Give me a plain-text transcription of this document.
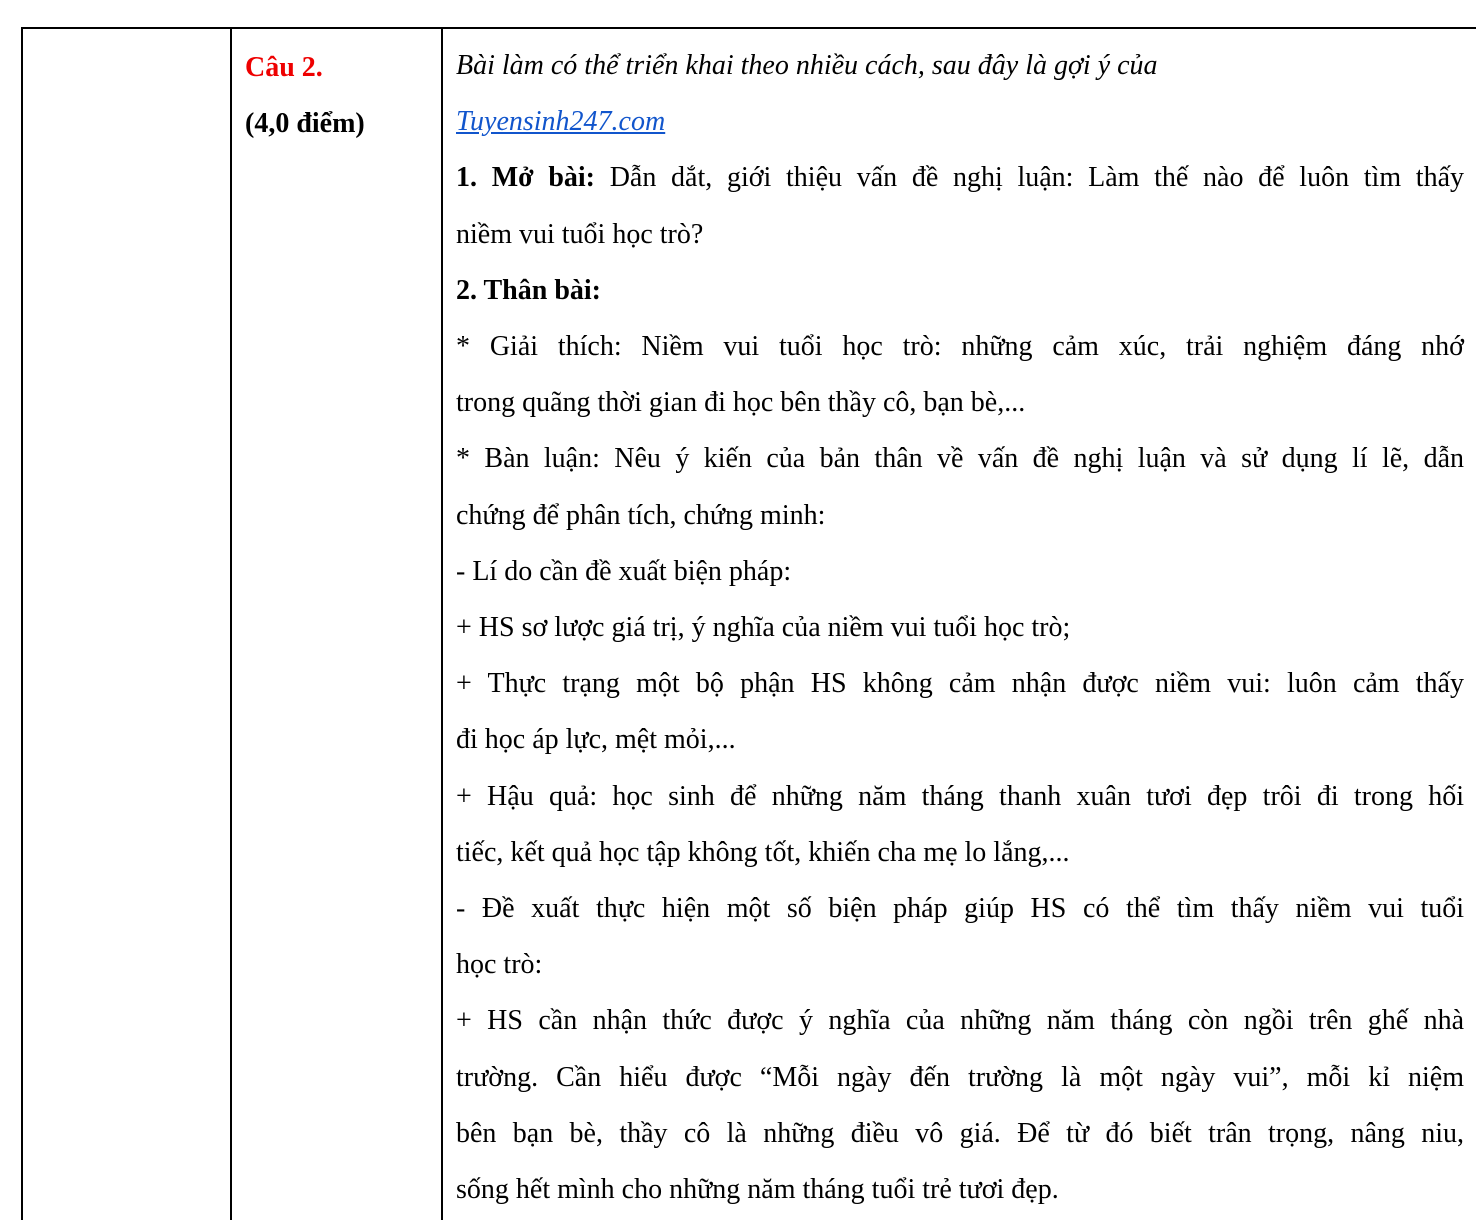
Câu 2.
(4,0 điểm)

Bài làm có thể triển khai theo nhiều cách, sau đây là gợi ý của

Tuyensinh247.com

1. Mở bài: Dẫn dắt, giới thiệu vấn đề nghị luận: Làm thế nào để luôn tìm thấy

niềm vui tuổi học trò?

2. Thân bài:

* Giải thích: Niềm vui tuổi học trò: những cảm xúc, trải nghiệm đáng nhớ

trong quãng thời gian đi học bên thầy cô, bạn bè,...

* Bàn luận: Nêu ý kiến của bản thân về vấn đề nghị luận và sử dụng lí lẽ, dẫn

chứng để phân tích, chứng minh:

- Lí do cần đề xuất biện pháp:

+ HS sơ lược giá trị, ý nghĩa của niềm vui tuổi học trò;

+ Thực trạng một bộ phận HS không cảm nhận được niềm vui: luôn cảm thấy

đi học áp lực, mệt mỏi,...

+ Hậu quả: học sinh để những năm tháng thanh xuân tươi đẹp trôi đi trong hối

tiếc, kết quả học tập không tốt, khiến cha mẹ lo lắng,...

- Đề xuất thực hiện một số biện pháp giúp HS có thể tìm thấy niềm vui tuổi

học trò:

+ HS cần nhận thức được ý nghĩa của những năm tháng còn ngồi trên ghế nhà

trường. Cần hiểu được “Mỗi ngày đến trường là một ngày vui”, mỗi kỉ niệm

bên bạn bè, thầy cô là những điều vô giá. Để từ đó biết trân trọng, nâng niu,

sống hết mình cho những năm tháng tuổi trẻ tươi đẹp.
